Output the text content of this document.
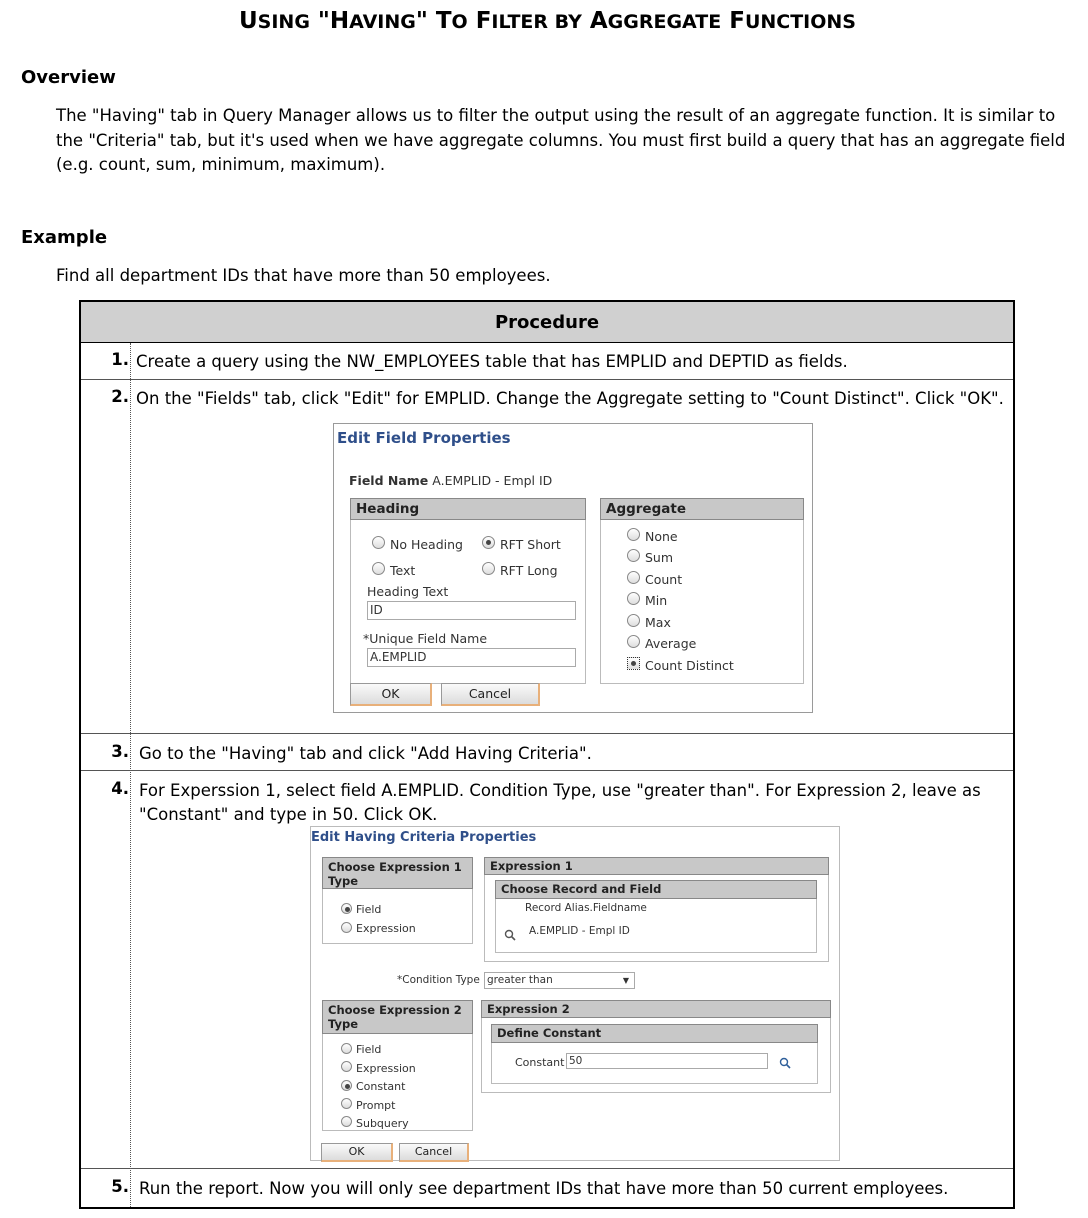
USING "HAVING" TO FILTER BY AGGREGATE FUNCTIONS
Overview
The "Having" tab in Query Manager allows us to filter the output using the result of an aggregate function. It is similar to the "Criteria" tab, but it's used when we have aggregate columns. You must first build a query that has an aggregate field (e.g. count, sum, minimum, maximum).
Example
Find all department IDs that have more than 50 employees.
Procedure
1. Create a query using the NW_EMPLOYEES table that has EMPLID and DEPTID as fields.
2. On the "Fields" tab, click "Edit" for EMPLID. Change the Aggregate setting to "Count Distinct". Click "OK".
3. Go to the "Having" tab and click "Add Having Criteria".
4. For Experssion 1, select field A.EMPLID. Condition Type, use "greater than". For Expression 2, leave as "Constant" and type in 50. Click OK.
5. Run the report. Now you will only see department IDs that have more than 50 current employees.
Edit Field Properties
Field Name A.EMPLID - Empl ID
Heading
No Heading	RFT Short
Text	RFT Long
Heading Text
ID
*Unique Field Name
A.EMPLID
Aggregate
None
Sum
Count
Min
Max
Average
Count Distinct
OK	Cancel
Edit Having Criteria Properties
Choose Expression 1 Type
Field
Expression
Expression 1
Choose Record and Field
Record Alias.Fieldname
A.EMPLID - Empl ID
*Condition Type greater than	▼
Choose Expression 2 Type
Field
Expression
Constant
Prompt
Subquery
Expression 2
Define Constant
Constant 50
OK	Cancel
